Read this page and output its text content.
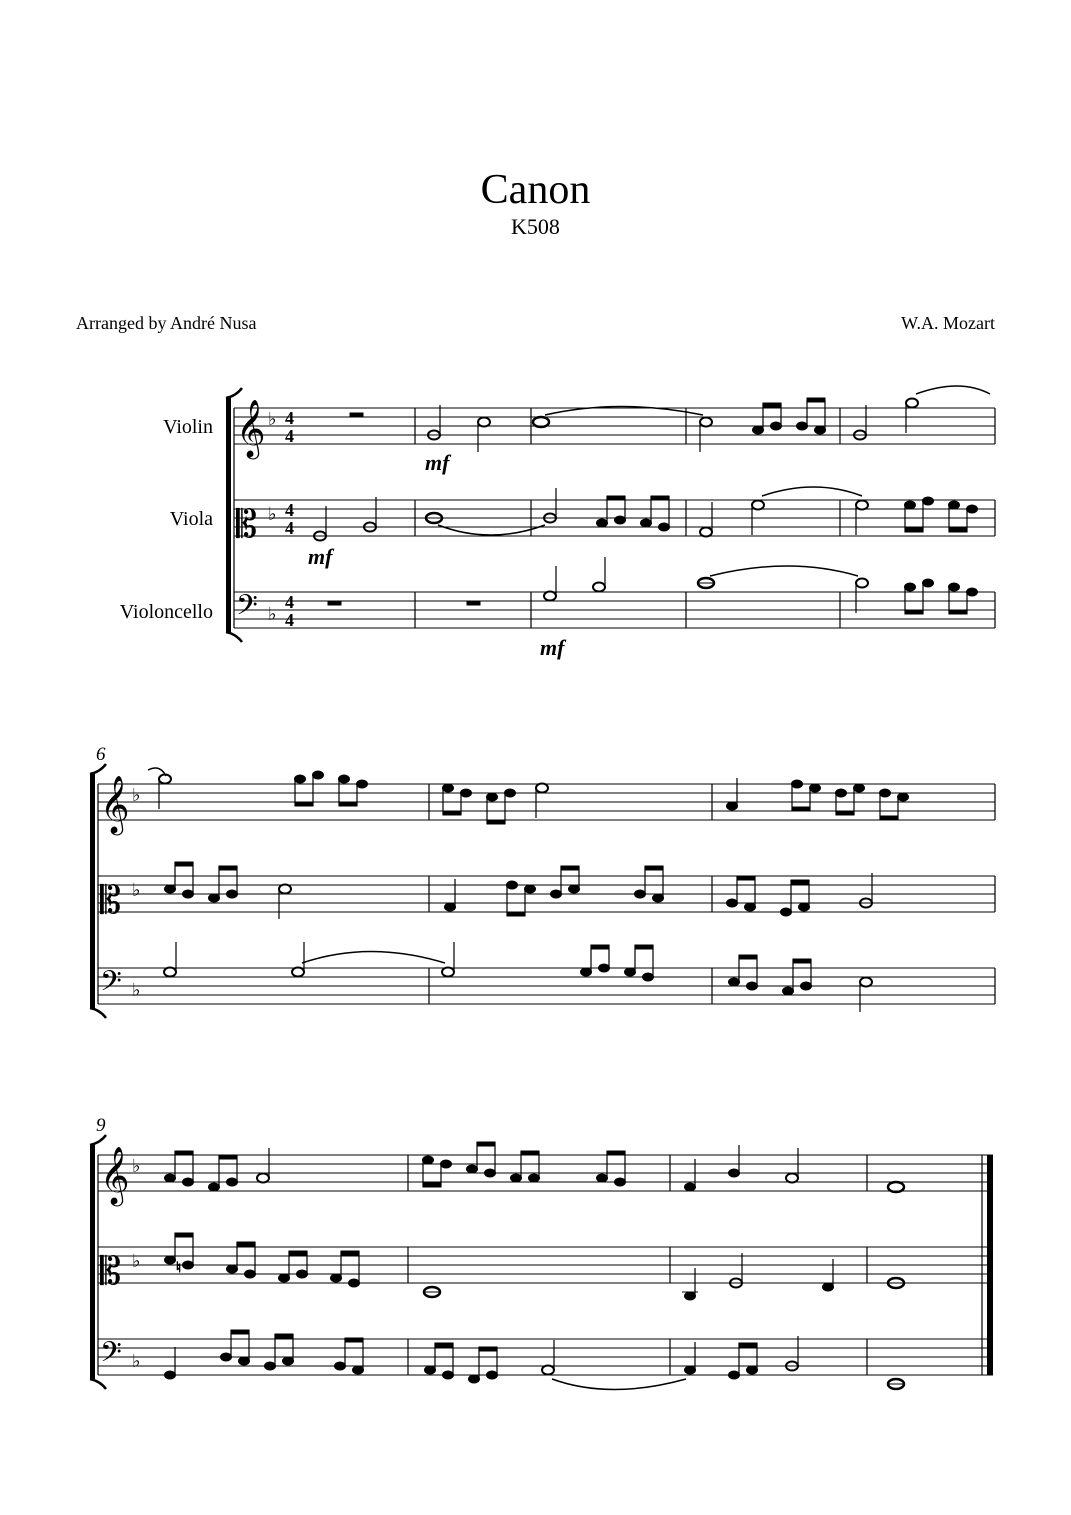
Canon
K508
Arranged by André Nusa	W.A. Mozart
Violin
Viola
Violoncello
𝄞
𝄡
𝄢
♭
♭
♭
4
4
4
4
4
4
mf
mf
mf
6
𝄞
𝄡
𝄢
♭
♭
♭
9
𝄞
𝄡
𝄢
♭
♭
♭
♮
